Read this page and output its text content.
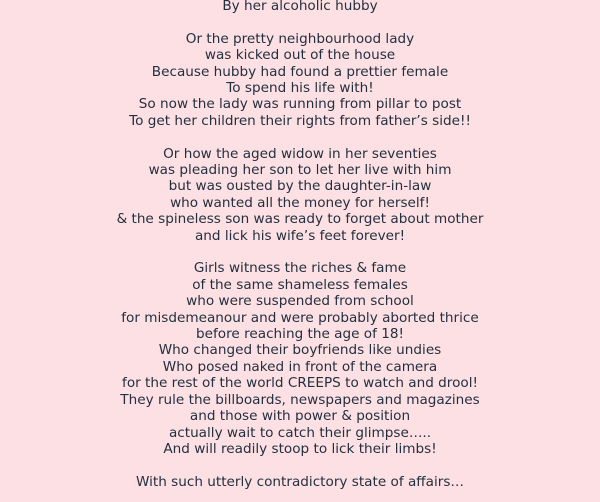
By her alcoholic hubby
Or the pretty neighbourhood lady
was kicked out of the house
Because hubby had found a prettier female
To spend his life with!
So now the lady was running from pillar to post
To get her children their rights from father’s side!!
Or how the aged widow in her seventies
was pleading her son to let her live with him
but was ousted by the daughter-in-law
who wanted all the money for herself!
& the spineless son was ready to forget about mother
and lick his wife’s feet forever!
Girls witness the riches & fame
of the same shameless females
who were suspended from school
for misdemeanour and were probably aborted thrice
before reaching the age of 18!
Who changed their boyfriends like undies
Who posed naked in front of the camera
for the rest of the world CREEPS to watch and drool!
They rule the billboards, newspapers and magazines
and those with power & position
actually wait to catch their glimpse…..
And will readily stoop to lick their limbs!
With such utterly contradictory state of affairs…
